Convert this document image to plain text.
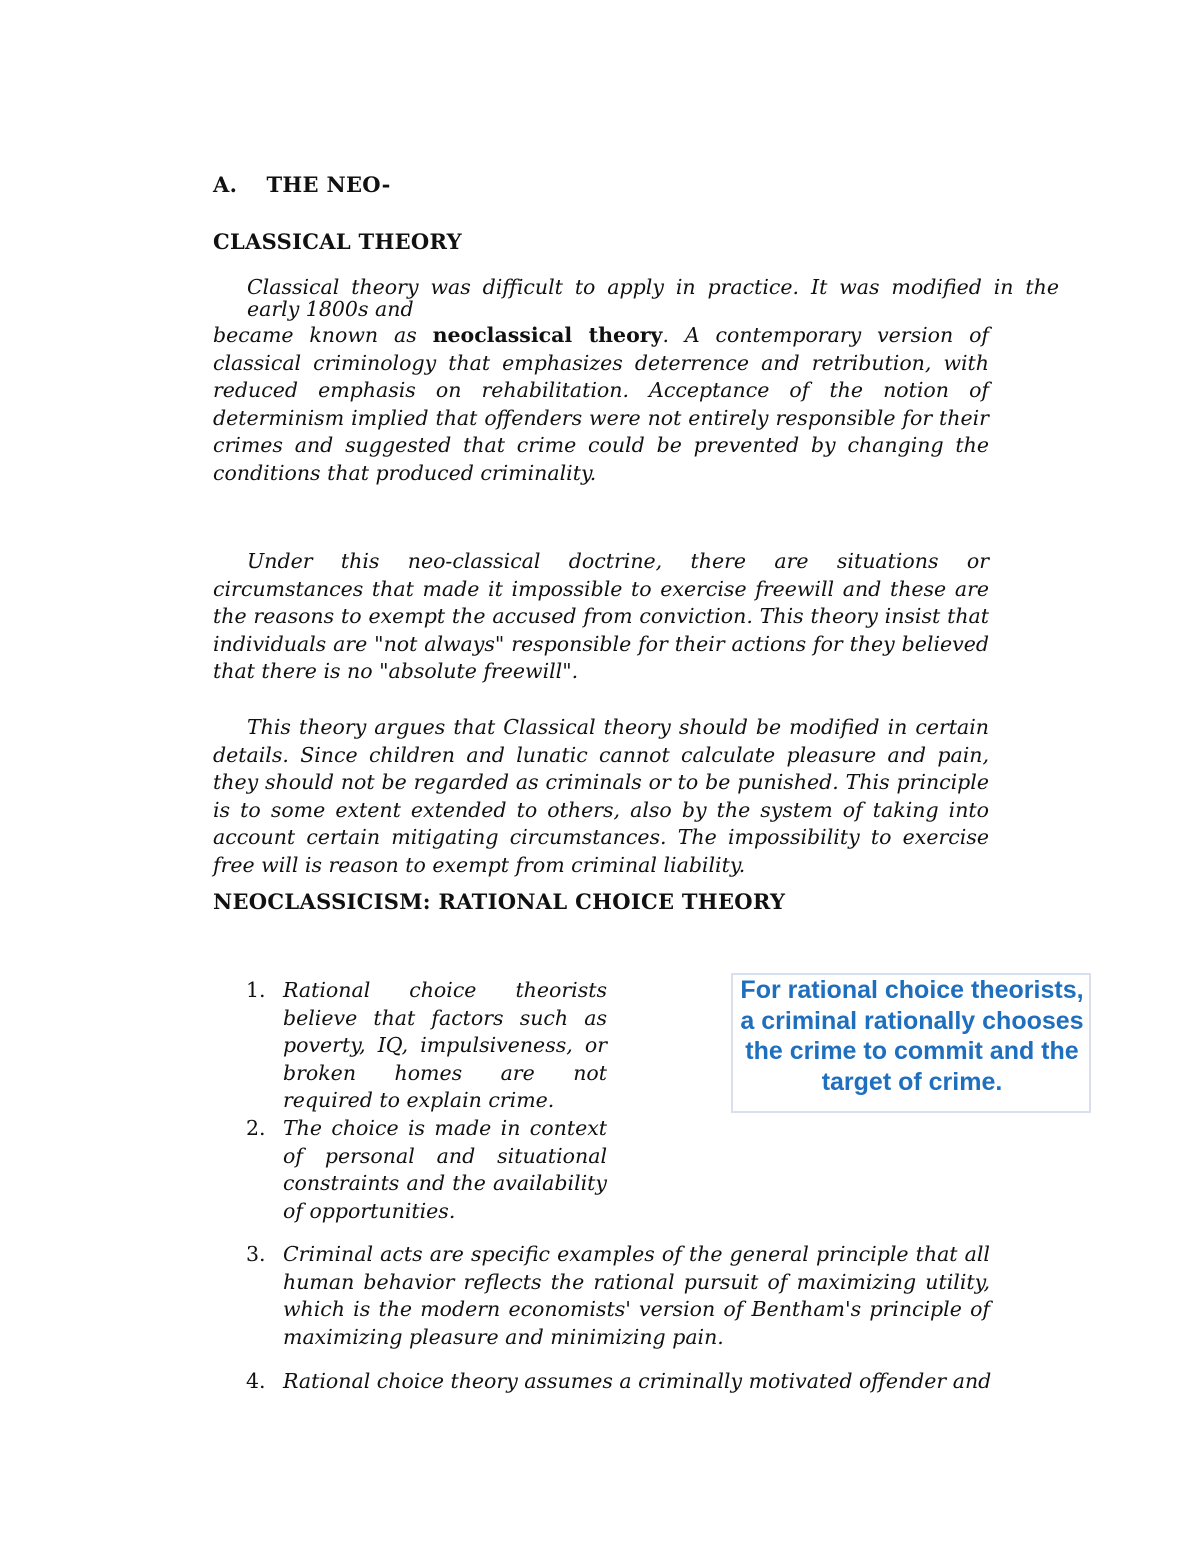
A. THE NEO-
CLASSICAL THEORY
Classical theory was difficult to apply in practice. It was modified in the
early 1800s and

became known as neoclassical theory. A contemporary version of classical criminology that emphasizes deterrence and retribution, with reduced emphasis on rehabilitation. Acceptance of the notion of determinism implied that offenders were not entirely responsible for their crimes and suggested that crime could be prevented by changing the conditions that produced criminality.

Under this neo-classical doctrine, there are situations or circumstances that made it impossible to exercise freewill and these are the reasons to exempt the accused from conviction. This theory insist that individuals are "not always" responsible for their actions for they believed that there is no "absolute freewill".

This theory argues that Classical theory should be modified in certain details. Since children and lunatic cannot calculate pleasure and pain, they should not be regarded as criminals or to be punished. This principle is to some extent extended to others, also by the system of taking into account certain mitigating circumstances. The impossibility to exercise free will is reason to exempt from criminal liability.

NEOCLASSICISM: RATIONAL CHOICE THEORY
1. Rational choice theorists believe that factors such as poverty, IQ, impulsiveness, or broken homes are not required to explain crime.
2. The choice is made in context of personal and situational constraints and the availability of opportunities.
3. Criminal acts are specific examples of the general principle that all human behavior reflects the rational pursuit of maximizing utility, which is the modern economists' version of Bentham's principle of maximizing pleasure and minimizing pain.
4. Rational choice theory assumes a criminally motivated offender and
For rational choice theorists, a criminal rationally chooses the crime to commit and the target of crime.
